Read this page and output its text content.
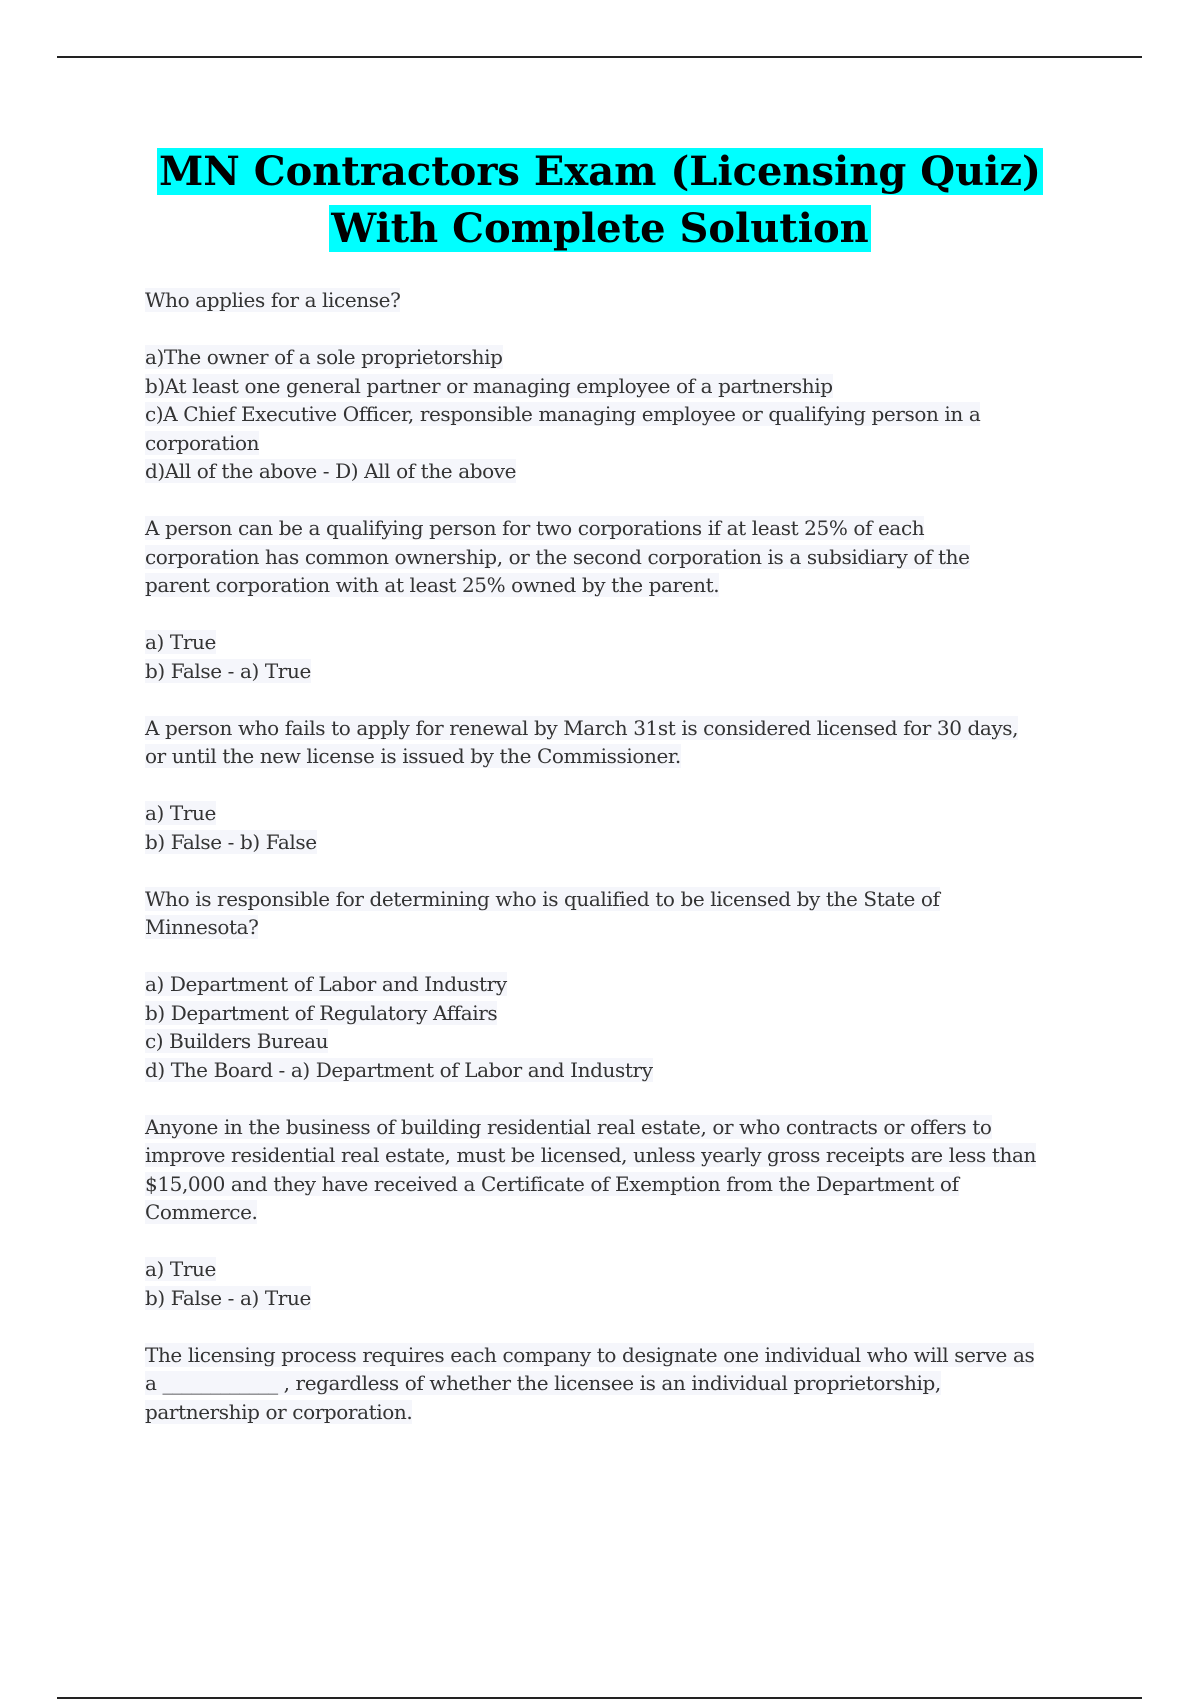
MN Contractors Exam (Licensing Quiz)
With Complete Solution
Who applies for a license?
a)The owner of a sole proprietorship
b)At least one general partner or managing employee of a partnership
c)A Chief Executive Officer, responsible managing employee or qualifying person in a
corporation
d)All of the above - D) All of the above
A person can be a qualifying person for two corporations if at least 25% of each
corporation has common ownership, or the second corporation is a subsidiary of the
parent corporation with at least 25% owned by the parent.
a) True
b) False - a) True
A person who fails to apply for renewal by March 31st is considered licensed for 30 days,
or until the new license is issued by the Commissioner.
a) True
b) False - b) False
Who is responsible for determining who is qualified to be licensed by the State of
Minnesota?
a) Department of Labor and Industry
b) Department of Regulatory Affairs
c) Builders Bureau
d) The Board - a) Department of Labor and Industry
Anyone in the business of building residential real estate, or who contracts or offers to
improve residential real estate, must be licensed, unless yearly gross receipts are less than
$15,000 and they have received a Certificate of Exemption from the Department of
Commerce.
a) True
b) False - a) True
The licensing process requires each company to designate one individual who will serve as
a ____________ , regardless of whether the licensee is an individual proprietorship,
partnership or corporation.
